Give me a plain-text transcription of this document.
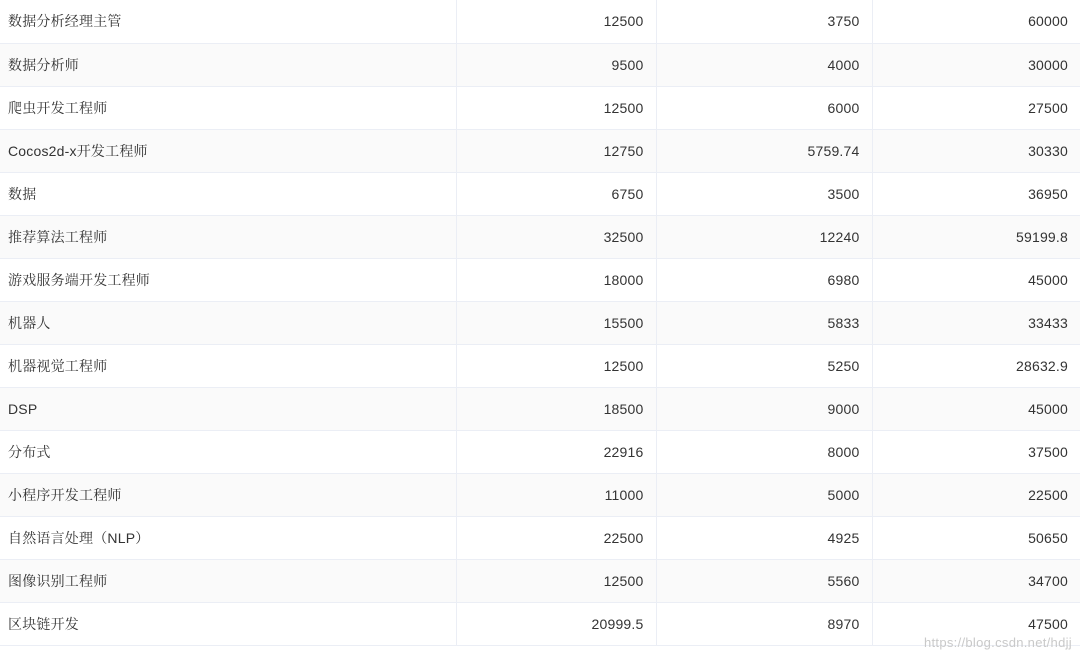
数据分析经理主管	12500	3750	60000
数据分析师	9500	4000	30000
爬虫开发工程师	12500	6000	27500
Cocos2d-x开发工程师	12750	5759.74	30330
数据	6750	3500	36950
推荐算法工程师	32500	12240	59199.8
游戏服务端开发工程师	18000	6980	45000
机器人	15500	5833	33433
机器视觉工程师	12500	5250	28632.9
DSP	18500	9000	45000
分布式	22916	8000	37500
小程序开发工程师	11000	5000	22500
自然语言处理（NLP）	22500	4925	50650
图像识别工程师	12500	5560	34700
区块链开发	20999.5	8970	47500
https://blog.csdn.net/hdjj
